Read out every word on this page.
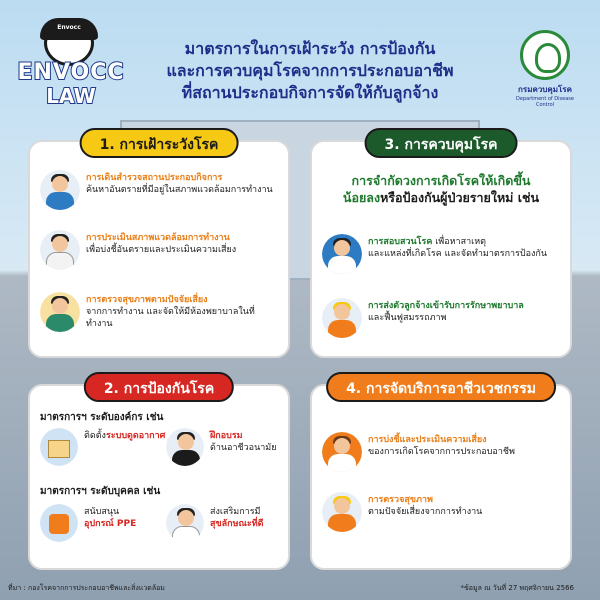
Envocc
ENVOCC
LAW
มาตรการในการเฝ้าระวัง การป้องกัน
และการควบคุมโรคจากการประกอบอาชีพ
ที่สถานประกอบกิจการจัดให้กับลูกจ้าง	กรมควบคุมโรค
Department of Disease Control
1. การเฝ้าระวังโรค
การเดินสำรวจสถานประกอบกิจการ
ค้นหาอันตรายที่มีอยู่ในสภาพแวดล้อมการทำงาน
การประเมินสภาพแวดล้อมการทำงาน
เพื่อบ่งชี้อันตรายและประเมินความเสี่ยง
การตรวจสุขภาพตามปัจจัยเสี่ยง
จากการทำงาน และจัดให้มีห้องพยาบาลในที่ทำงาน
3. การควบคุมโรค
การจำกัดวงการเกิดโรคให้เกิดขึ้น
น้อยลงหรือป้องกันผู้ป่วยรายใหม่ เช่น
การสอบสวนโรค เพื่อหาสาเหตุ
และแหล่งที่เกิดโรค และจัดทำมาตรการป้องกัน
การส่งตัวลูกจ้างเข้ารับการรักษาพยาบาล
และฟื้นฟูสมรรถภาพ
2. การป้องกันโรค
มาตรการฯ ระดับองค์กร เช่น
ติดตั้งระบบดูดอากาศ	ฝึกอบรม
ด้านอาชีวอนามัย
มาตรการฯ ระดับบุคคล เช่น
สนับสนุน
อุปกรณ์ PPE
ส่งเสริมการมี
สุขลักษณะที่ดี
4. การจัดบริการอาชีวเวชกรรม
การบ่งชี้และประเมินความเสี่ยง
ของการเกิดโรคจากการประกอบอาชีพ
การตรวจสุขภาพ
ตามปัจจัยเสี่ยงจากการทำงาน
ที่มา : กองโรคจากการประกอบอาชีพและสิ่งแวดล้อม	*ข้อมูล ณ วันที่ 27 พฤศจิกายน 2566
